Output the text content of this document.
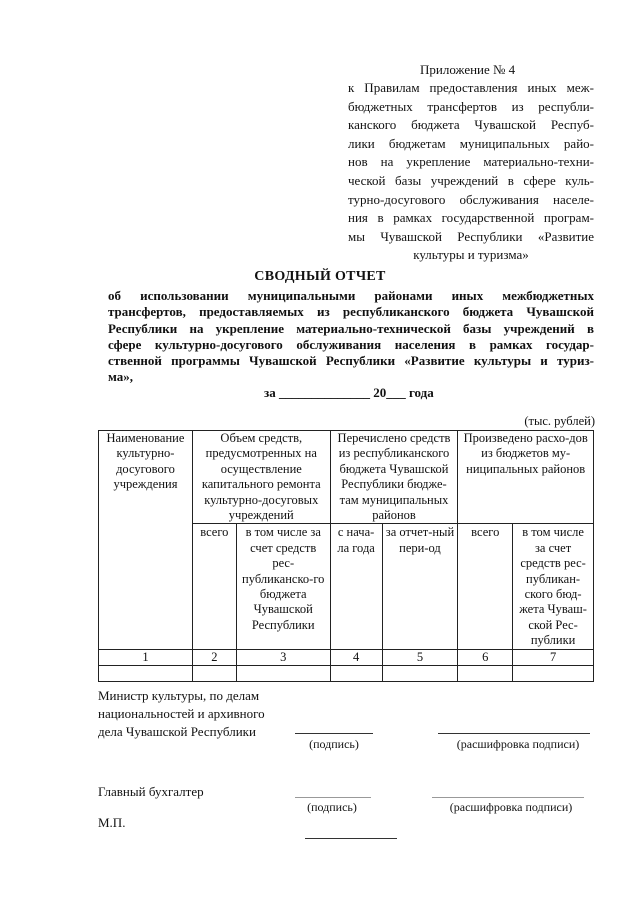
Приложение № 4
к Правилам предоставления иных меж-
бюджетных трансфертов из республи-
канского бюджета Чувашской Респуб-
лики бюджетам муниципальных райо-
нов на укрепление материально-техни-
ческой базы учреждений в сфере куль-
турно-досугового обслуживания населе-
ния в рамках государственной програм-
мы Чувашской Республики «Развитие
культуры и туризма»
СВОДНЫЙ ОТЧЕТ
об использовании муниципальными районами иных межбюджетных
трансфертов, предоставляемых из республиканского бюджета Чувашской
Республики на укрепление материально-технической базы учреждений в
сфере культурно-досугового обслуживания населения в рамках государ-
ственной программы Чувашской Республики «Развитие культуры и туриз-
ма»,
за ______________ 20___ года
(тыс. рублей)
Наименование культурно-досугового учреждения	Объем средств, предусмотренных на осуществление капитального ремонта культурно-досуговых учреждений		Перечислено средств из республиканского бюджета Чувашской Республики бюдже-там муниципальных районов		Произведено расхо-дов из бюджетов му-ниципальных районов	
	всего	в том числе за счет средств рес-публиканско-го бюджета Чувашской Республики	с нача-ла года	за отчет-ный пери-од	всего	в том числе за счет средств рес-публикан-ского бюд-жета Чуваш-ской Рес-публики
1	2	3	4	5	6	7

Министр культуры, по делам национальностей и архивного дела Чувашской Республики
(подпись)	(расшифровка подписи)
Главный бухгалтер
(подпись)	(расшифровка подписи)
М.П.
